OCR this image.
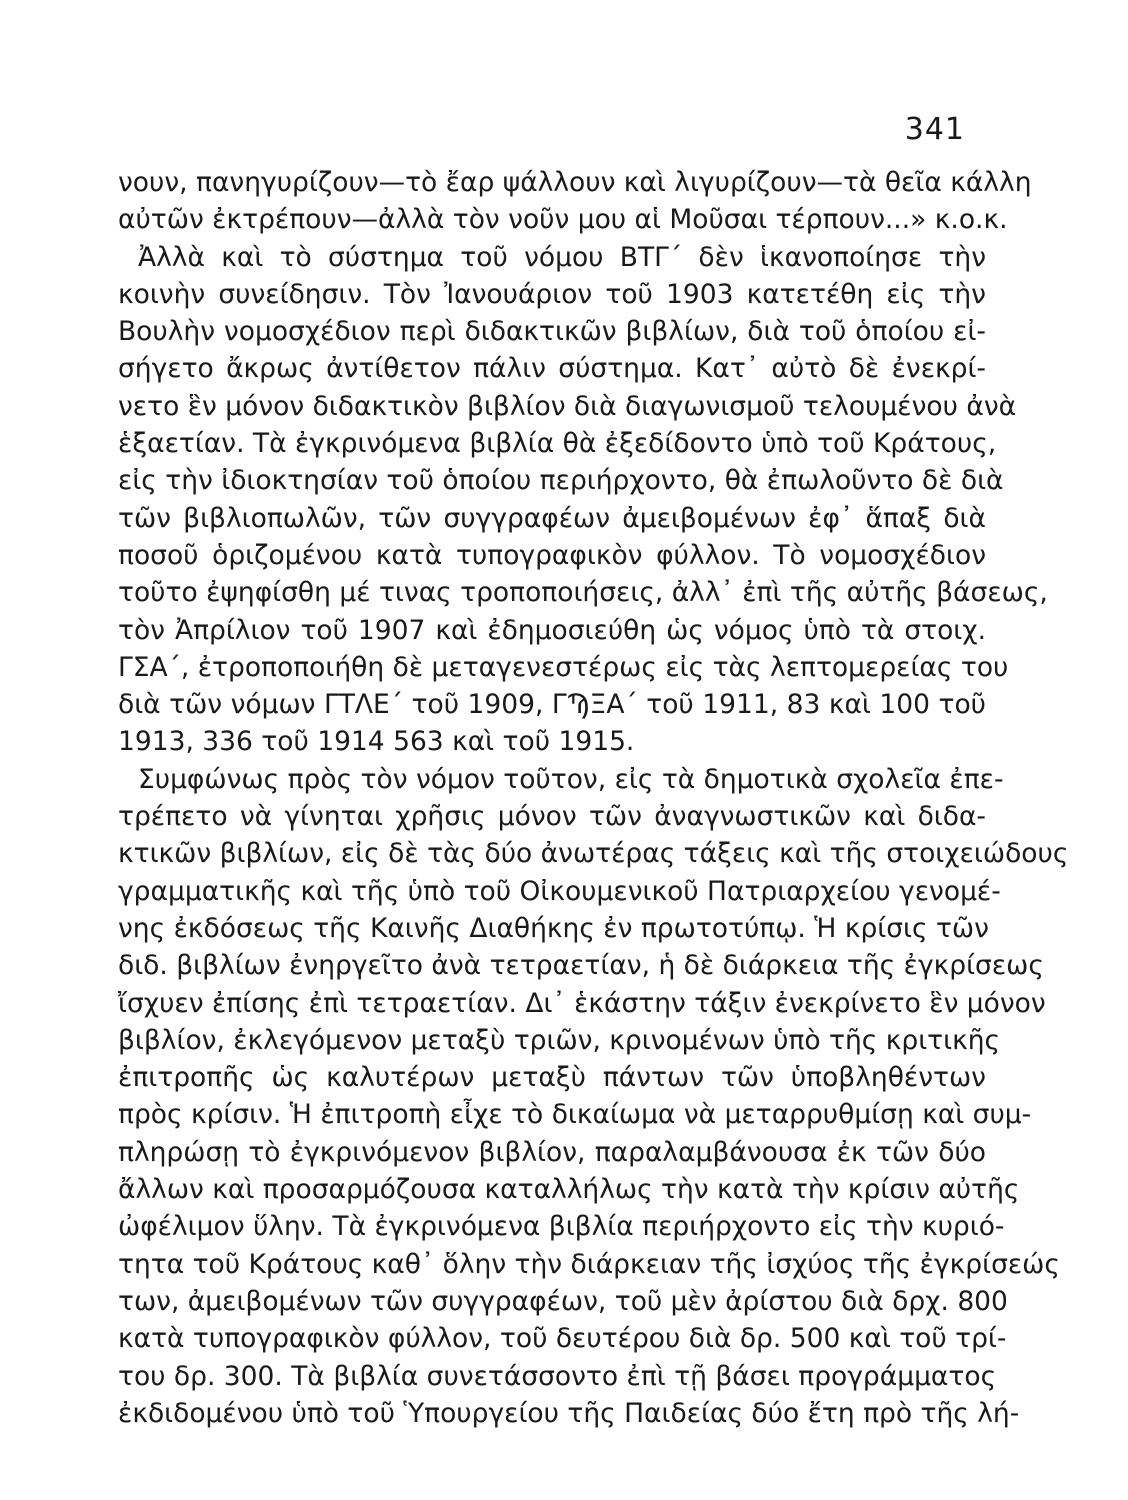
341
νουν, πανηγυρίζουν—τὸ ἔαρ ψάλλουν καὶ λιγυρίζουν—τὰ θεῖα κάλλη
αὐτῶν ἐκτρέπουν—ἀλλὰ τὸν νοῦν μου αἱ Μοῦσαι τέρπουν...» κ.ο.κ.
Ἀλλὰ καὶ τὸ σύστημα τοῦ νόμου ΒΤΓ΄ δὲν ἱκανοποίησε τὴν
κοινὴν συνείδησιν. Τὸν Ἰανουάριον τοῦ 1903 κατετέθη εἰς τὴν
Βουλὴν νομοσχέδιον περὶ διδακτικῶν βιβλίων, διὰ τοῦ ὁποίου εἰ-
σήγετο ἄκρως ἀντίθετον πάλιν σύστημα. Κατ᾽ αὐτὸ δὲ ἐνεκρί-
νετο ἓν μόνον διδακτικὸν βιβλίον διὰ διαγωνισμοῦ τελουμένου ἀνὰ
ἑξαετίαν. Τὰ ἐγκρινόμενα βιβλία θὰ ἐξεδίδοντο ὑπὸ τοῦ Κράτους,
εἰς τὴν ἰδιοκτησίαν τοῦ ὁποίου περιήρχοντο, θὰ ἐπωλοῦντο δὲ διὰ
τῶν βιβλιοπωλῶν, τῶν συγγραφέων ἀμειβομένων ἐφ᾽ ἅπαξ διὰ
ποσοῦ ὁριζομένου κατὰ τυπογραφικὸν φύλλον. Τὸ νομοσχέδιον
τοῦτο ἐψηφίσθη μέ τινας τροποποιήσεις, ἀλλ᾽ ἐπὶ τῆς αὐτῆς βάσεως,
τὸν Ἀπρίλιον τοῦ 1907 καὶ ἐδημοσιεύθη ὡς νόμος ὑπὸ τὰ στοιχ.
ΓΣΑ΄, ἐτροποποιήθη δὲ μεταγενεστέρως εἰς τὰς λεπτομερείας του
διὰ τῶν νόμων ΓΤΛΕ΄ τοῦ 1909, ΓϠΞΑ΄ τοῦ 1911, 83 καὶ 100 τοῦ
1913, 336 τοῦ 1914 563 καὶ τοῦ 1915.
Συμφώνως πρὸς τὸν νόμον τοῦτον, εἰς τὰ δημοτικὰ σχολεῖα ἐπε-
τρέπετο νὰ γίνηται χρῆσις μόνον τῶν ἀναγνωστικῶν καὶ διδα-
κτικῶν βιβλίων, εἰς δὲ τὰς δύο ἀνωτέρας τάξεις καὶ τῆς στοιχειώδους
γραμματικῆς καὶ τῆς ὑπὸ τοῦ Οἰκουμενικοῦ Πατριαρχείου γενομέ-
νης ἐκδόσεως τῆς Καινῆς Διαθήκης ἐν πρωτοτύπῳ. Ἡ κρίσις τῶν
διδ. βιβλίων ἐνηργεῖτο ἀνὰ τετραετίαν, ἡ δὲ διάρκεια τῆς ἐγκρίσεως
ἴσχυεν ἐπίσης ἐπὶ τετραετίαν. Δι᾽ ἑκάστην τάξιν ἐνεκρίνετο ἓν μόνον
βιβλίον, ἐκλεγόμενον μεταξὺ τριῶν, κρινομένων ὑπὸ τῆς κριτικῆς
ἐπιτροπῆς ὡς καλυτέρων μεταξὺ πάντων τῶν ὑποβληθέντων
πρὸς κρίσιν. Ἡ ἐπιτροπὴ εἶχε τὸ δικαίωμα νὰ μεταρρυθμίσῃ καὶ συμ-
πληρώσῃ τὸ ἐγκρινόμενον βιβλίον, παραλαμβάνουσα ἐκ τῶν δύο
ἄλλων καὶ προσαρμόζουσα καταλλήλως τὴν κατὰ τὴν κρίσιν αὐτῆς
ὠφέλιμον ὕλην. Τὰ ἐγκρινόμενα βιβλία περιήρχοντο εἰς τὴν κυριό-
τητα τοῦ Κράτους καθ᾽ ὅλην τὴν διάρκειαν τῆς ἰσχύος τῆς ἐγκρίσεώς
των, ἀμειβομένων τῶν συγγραφέων, τοῦ μὲν ἀρίστου διὰ δρχ. 800
κατὰ τυπογραφικὸν φύλλον, τοῦ δευτέρου διὰ δρ. 500 καὶ τοῦ τρί-
του δρ. 300. Τὰ βιβλία συνετάσσοντο ἐπὶ τῇ βάσει προγράμματος
ἐκδιδομένου ὑπὸ τοῦ Ὑπουργείου τῆς Παιδείας δύο ἔτη πρὸ τῆς λή-
